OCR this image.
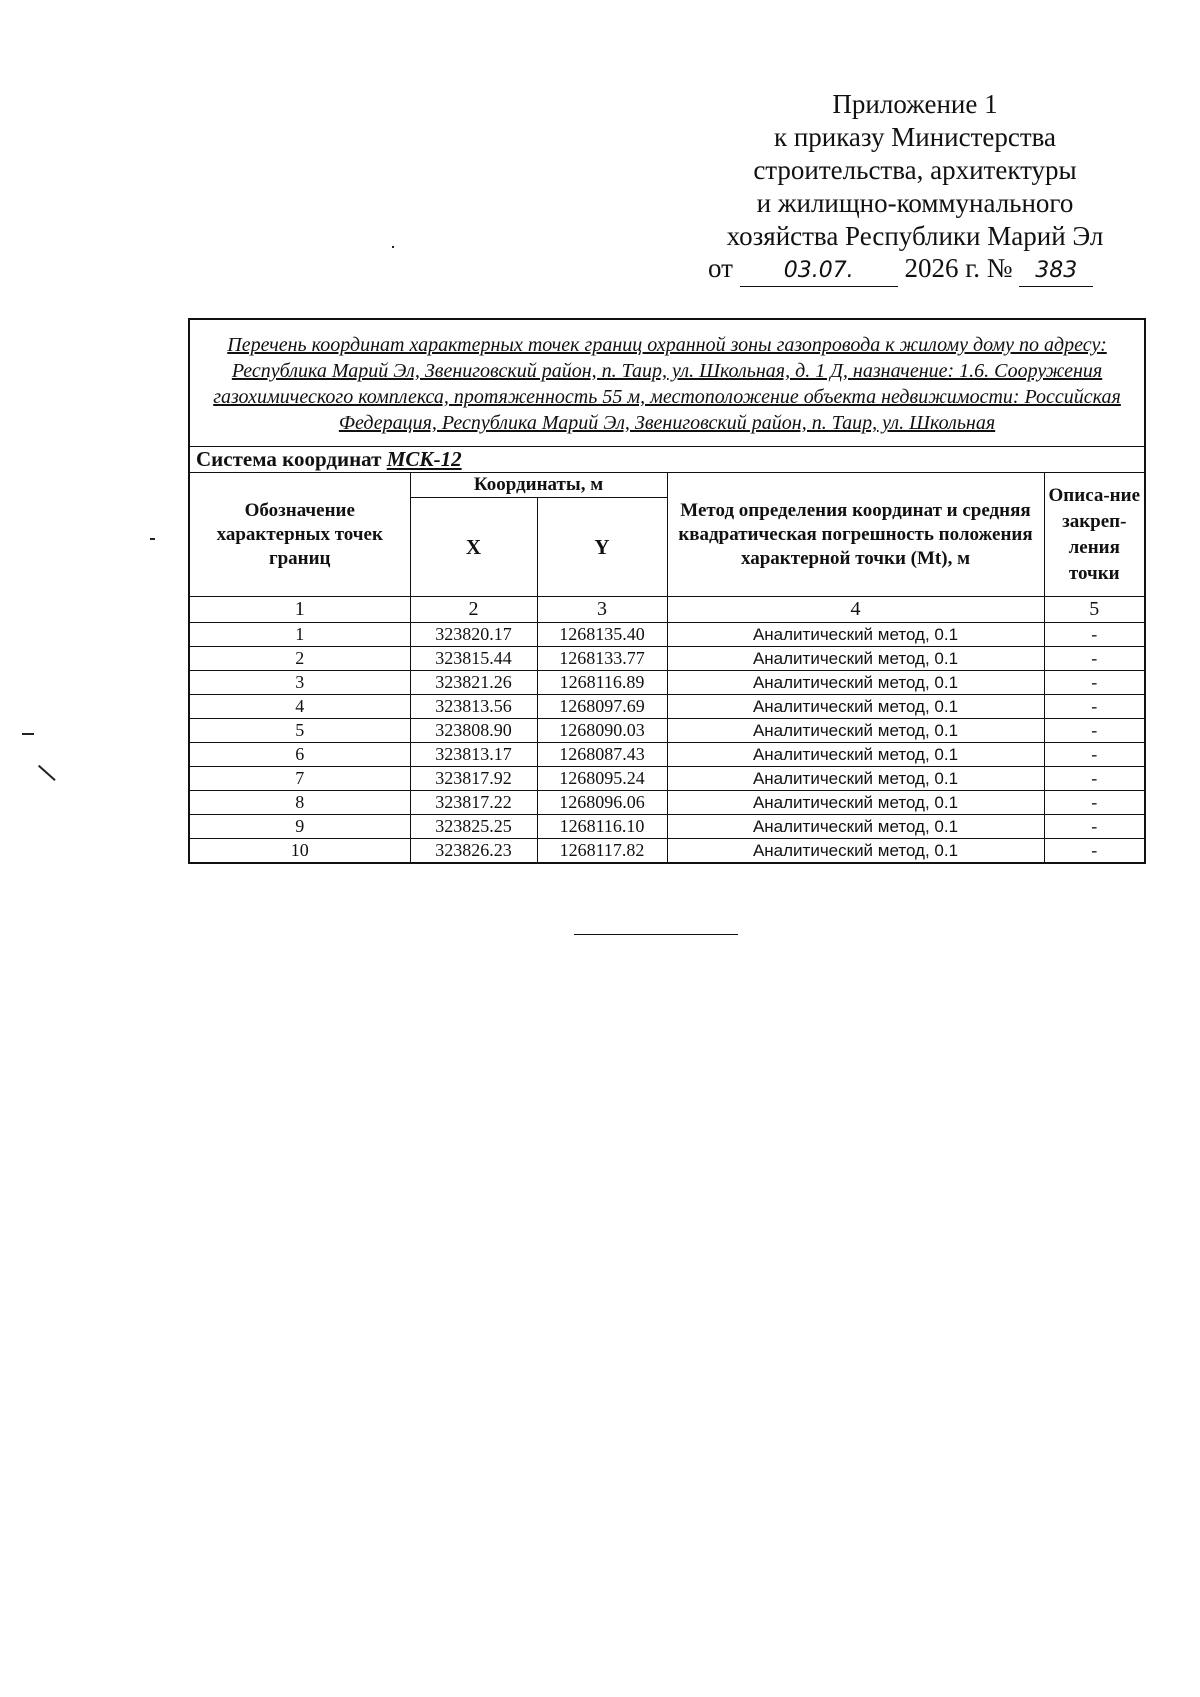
Приложение 1
к приказу Министерства
строительства, архитектуры
и жилищно-коммунального
хозяйства Республики Марий Эл
от 03.07. 2026 г. № 383
Перечень координат характерных точек границ охранной зоны газопровода к жилому дому по адресу: Республика Марий Эл, Звениговский район, п. Таир, ул. Школьная, д. 1 Д, назначение: 1.6. Сооружения газохимического комплекса, протяженность 55 м, местоположение объекта недвижимости: Российская Федерация, Республика Марий Эл, Звениговский район, п. Таир, ул. Школьная				
Система координат МСК-12				
Обозначение характерных точек границ	Координаты, м		Метод определения координат и средняя квадратическая погрешность положения характерной точки (Mt), м	Описа-ние закреп-ления точки
	X	Y		
1	2	3	4	5
1	323820.17	1268135.40	Аналитический метод, 0.1	-
2	323815.44	1268133.77	Аналитический метод, 0.1	-
3	323821.26	1268116.89	Аналитический метод, 0.1	-
4	323813.56	1268097.69	Аналитический метод, 0.1	-
5	323808.90	1268090.03	Аналитический метод, 0.1	-
6	323813.17	1268087.43	Аналитический метод, 0.1	-
7	323817.92	1268095.24	Аналитический метод, 0.1	-
8	323817.22	1268096.06	Аналитический метод, 0.1	-
9	323825.25	1268116.10	Аналитический метод, 0.1	-
10	323826.23	1268117.82	Аналитический метод, 0.1	-
